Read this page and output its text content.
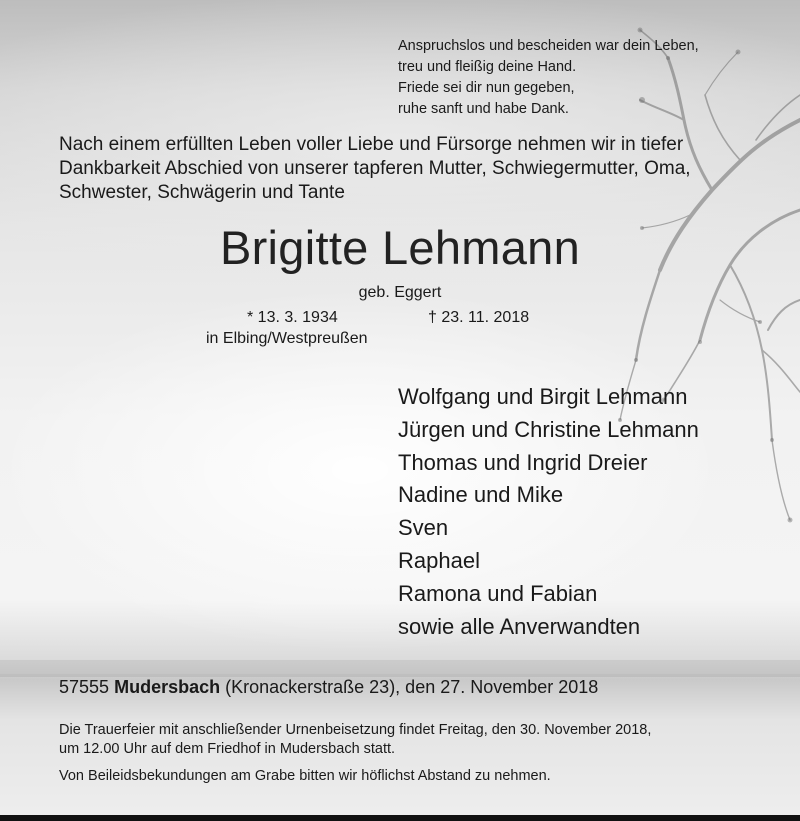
Anspruchslos und bescheiden war dein Leben,
treu und fleißig deine Hand.
Friede sei dir nun gegeben,
ruhe sanft und habe Dank.
Nach einem erfüllten Leben voller Liebe und Fürsorge nehmen wir in tiefer
Dankbarkeit Abschied von unserer tapferen Mutter, Schwiegermutter, Oma,
Schwester, Schwägerin und Tante
Brigitte Lehmann
geb. Eggert
* 13. 3. 1934	† 23. 11. 2018
in Elbing/Westpreußen
Wolfgang und Birgit Lehmann
Jürgen und Christine Lehmann
Thomas und Ingrid Dreier
Nadine und Mike
Sven
Raphael
Ramona und Fabian
sowie alle Anverwandten
57555 Mudersbach (Kronackerstraße 23), den 27. November 2018
Die Trauerfeier mit anschließender Urnenbeisetzung findet Freitag, den 30. November 2018,
um 12.00 Uhr auf dem Friedhof in Mudersbach statt.
Von Beileidsbekundungen am Grabe bitten wir höflichst Abstand zu nehmen.
